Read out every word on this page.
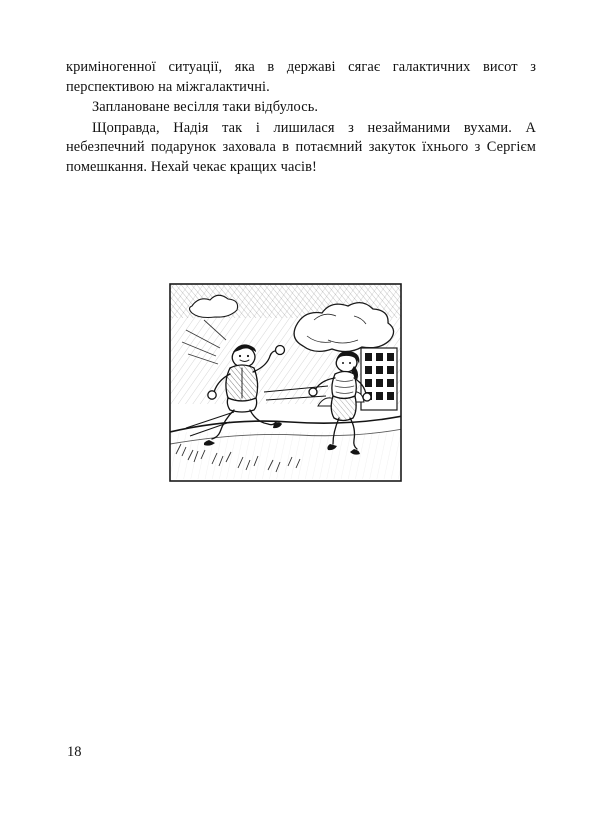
криміногенної ситуації, яка в державі сягає галактичних висот з перспективою на міжгалактичні.

Заплановане весілля таки відбулось.

Щоправда, Надія так і лишилася з незайманими вухами. А небезпечний подарунок заховала в потаємний закуток їхнього з Сергієм помешкання. Нехай чекає кращих часів!

18
